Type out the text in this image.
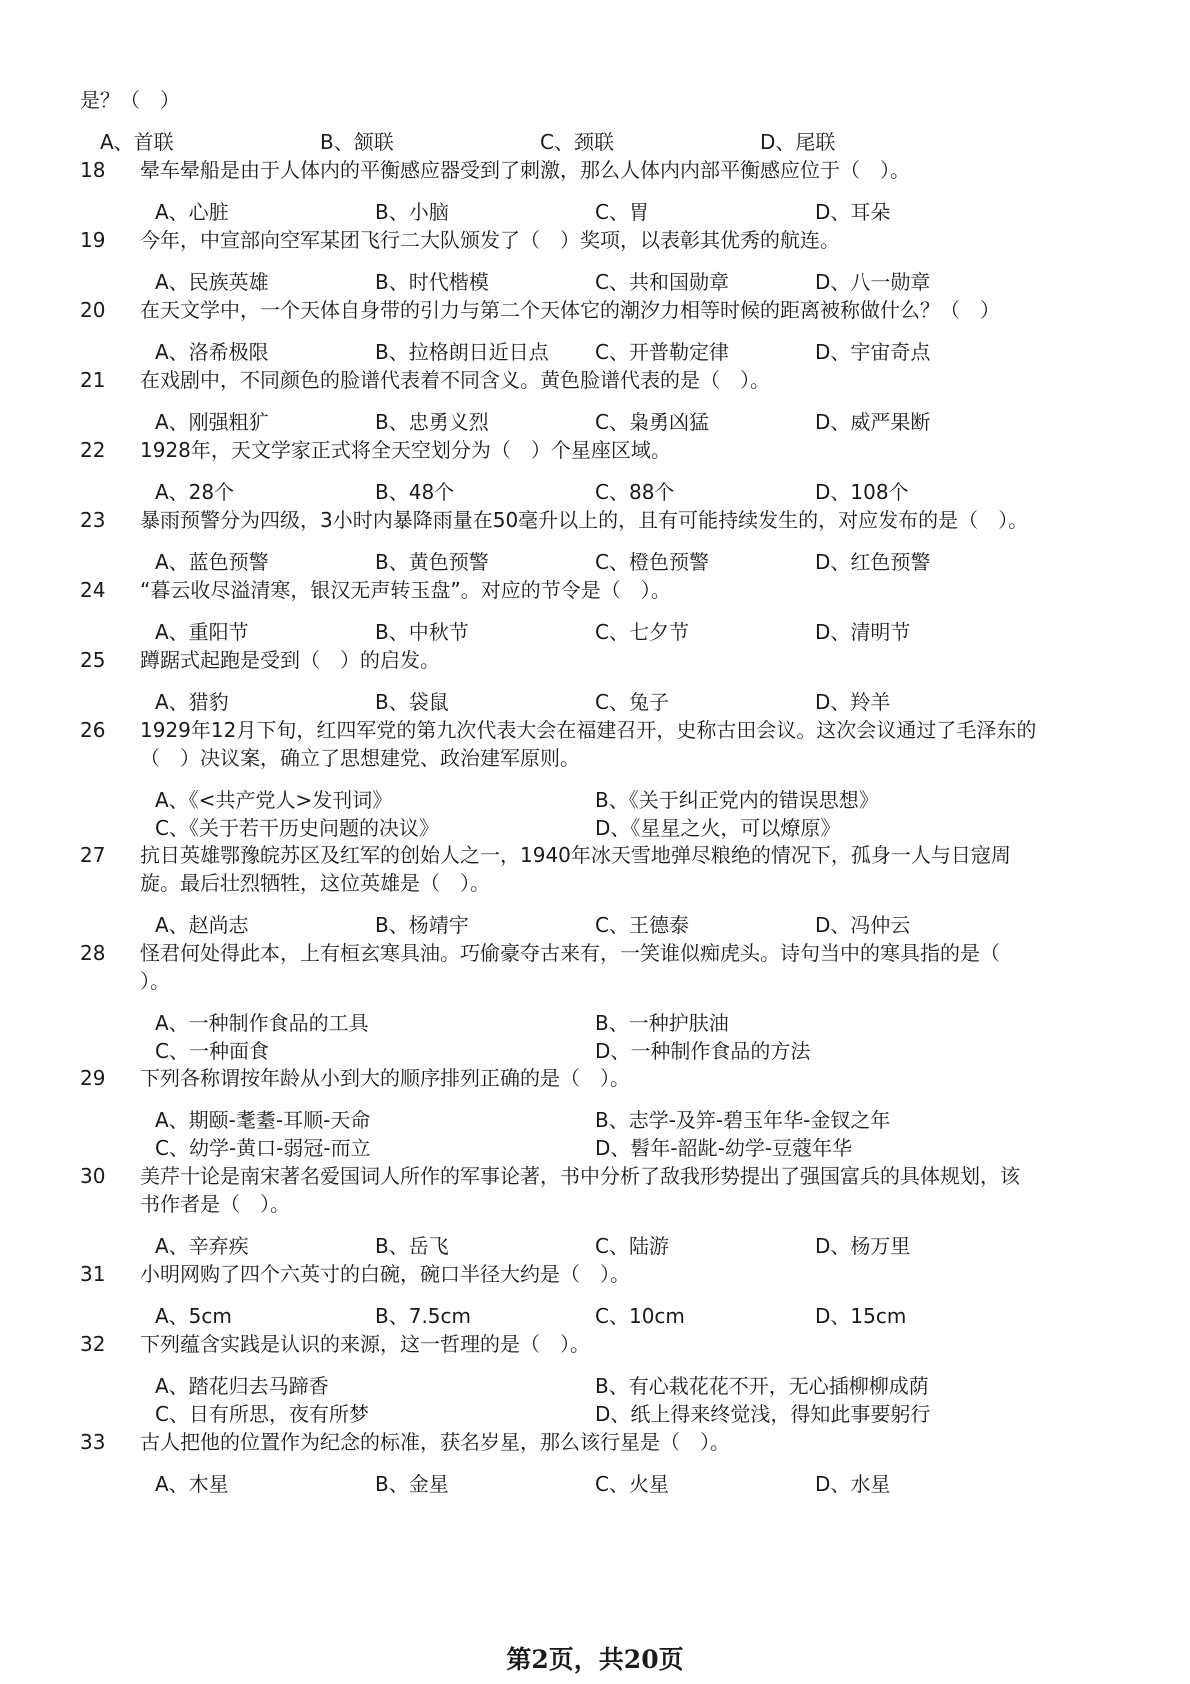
是？（　）
A、首联	B、颔联	C、颈联	D、尾联
18 晕车晕船是由于人体内的平衡感应器受到了刺激，那么人体内内部平衡感应位于（　）。
A、心脏	B、小脑	C、胃	D、耳朵
19 今年，中宣部向空军某团飞行二大队颁发了（　）奖项，以表彰其优秀的航连。
A、民族英雄	B、时代楷模	C、共和国勋章	D、八一勋章
20 在天文学中，一个天体自身带的引力与第二个天体它的潮汐力相等时候的距离被称做什么？（　）
A、洛希极限	B、拉格朗日近日点 C、开普勒定律	D、宇宙奇点
21 在戏剧中，不同颜色的脸谱代表着不同含义。黄色脸谱代表的是（　）。
A、刚强粗犷	B、忠勇义烈	C、枭勇凶猛	D、威严果断
22 1928年，天文学家正式将全天空划分为（　）个星座区域。
A、28个	B、48个	C、88个	D、108个
23 暴雨预警分为四级，3小时内暴降雨量在50毫升以上的，且有可能持续发生的，对应发布的是（　）。
A、蓝色预警	B、黄色预警	C、橙色预警	D、红色预警
24 “暮云收尽溢清寒，银汉无声转玉盘”。对应的节令是（　）。
A、重阳节	B、中秋节	C、七夕节	D、清明节
25 蹲踞式起跑是受到（　）的启发。
A、猎豹	B、袋鼠	C、兔子	D、羚羊
26 1929年12月下旬，红四军党的第九次代表大会在福建召开，史称古田会议。这次会议通过了毛泽东的
（　）决议案，确立了思想建党、政治建军原则。
A、《<共产党人>发刊词》	B、《关于纠正党内的错误思想》
C、《关于若干历史问题的决议》	D、《星星之火，可以燎原》
27 抗日英雄鄂豫皖苏区及红军的创始人之一，1940年冰天雪地弹尽粮绝的情况下，孤身一人与日寇周
旋。最后壮烈牺牲，这位英雄是（　）。
A、赵尚志	B、杨靖宇	C、王德泰	D、冯仲云
28 怪君何处得此本，上有桓玄寒具油。巧偷豪夺古来有，一笑谁似痴虎头。诗句当中的寒具指的是（
）。
A、一种制作食品的工具	B、一种护肤油
C、一种面食	D、一种制作食品的方法
29 下列各称谓按年龄从小到大的顺序排列正确的是（　）。
A、期颐-耄耋-耳顺-天命	B、志学-及笄-碧玉年华-金钗之年
C、幼学-黄口-弱冠-而立	D、髫年-韶龀-幼学-豆蔻年华
30 美芹十论是南宋著名爱国词人所作的军事论著，书中分析了敌我形势提出了强国富兵的具体规划，该
书作者是（　）。
A、辛弃疾	B、岳飞	C、陆游	D、杨万里
31 小明网购了四个六英寸的白碗，碗口半径大约是（　）。
A、5cm	B、7.5cm	C、10cm	D、15cm
32 下列蕴含实践是认识的来源，这一哲理的是（　）。
A、踏花归去马蹄香	B、有心栽花花不开，无心插柳柳成荫
C、日有所思，夜有所梦	D、纸上得来终觉浅，得知此事要躬行
33 古人把他的位置作为纪念的标准，获名岁星，那么该行星是（　）。
A、木星	B、金星	C、火星	D、水星
第2页，共20页
